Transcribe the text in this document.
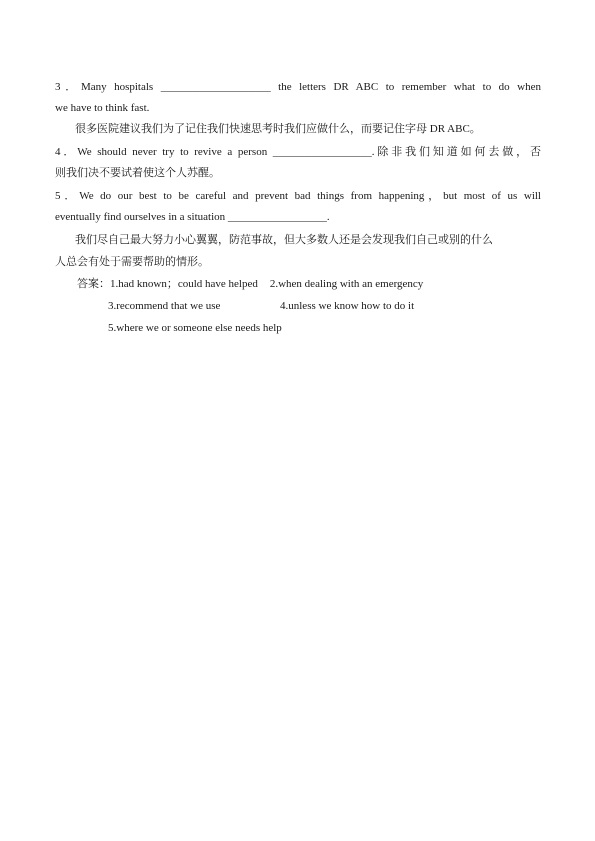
3．Many hospitals ____________________ the letters DR ABC to remember what to do when
we have to think fast.
很多医院建议我们为了记住我们快速思考时我们应做什么，而要记住字母 DR ABC。
4．We should never try to revive a person __________________.除非我们知道如何去做，否
则我们决不要试着使这个人苏醒。
5．We do our best to be careful and prevent bad things from happening，but most of us will
eventually find ourselves in a situation __________________.
我们尽自己最大努力小心翼翼，防范事故，但大多数人还是会发现我们自己或别的什么
人总会有处于需要帮助的情形。
答案：1.had known；could have helped 2.when dealing with an emergency
3.recommend that we use	4.unless we know how to do it
5.where we or someone else needs help
